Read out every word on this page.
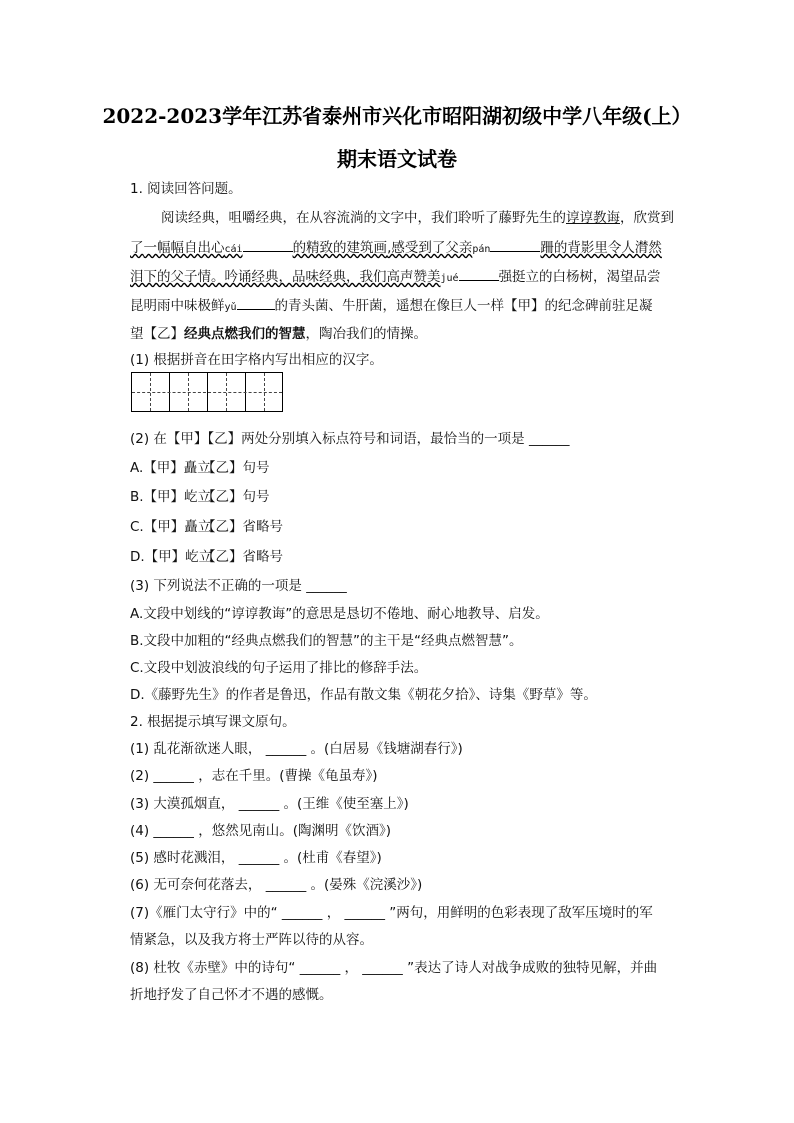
2022-2023学年江苏省泰州市兴化市昭阳湖初级中学八年级(上）
期末语文试卷
1. 阅读回答问题。
阅读经典，咀嚼经典，在从容流淌的文字中，我们聆听了藤野先生的谆谆教诲，欣赏到
了一幅幅自出心cái	的精致的建筑画,感受到了父亲pán	跚的背影里令人潸然
泪下的父子情。吟诵经典，品味经典，我们高声赞美jué	强挺立的白杨树，渴望品尝
昆明雨中味极鲜yǔ	的青头菌、牛肝菌，遥想在像巨人一样【甲】的纪念碑前驻足凝
望【乙】经典点燃我们的智慧，陶冶我们的情操。
(1) 根据拼音在田字格内写出相应的汉字。
(2) 在【甲】【乙】两处分别填入标点符号和词语，最恰当的一项是 ______
A.【甲】矗立【乙】句号
B.【甲】屹立【乙】句号
C.【甲】矗立【乙】省略号
D.【甲】屹立【乙】省略号
(3) 下列说法不正确的一项是 ______
A.文段中划线的“谆谆教诲”的意思是恳切不倦地、耐心地教导、启发。
B.文段中加粗的“经典点燃我们的智慧”的主干是“经典点燃智慧”。
C.文段中划波浪线的句子运用了排比的修辞手法。
D.《藤野先生》的作者是鲁迅，作品有散文集《朝花夕拾》、诗集《野草》等。
2. 根据提示填写课文原句。
(1) 乱花渐欲迷人眼， ______ 。(白居易《钱塘湖春行》)
(2) ______ ，志在千里。(曹操《龟虽寿》)
(3) 大漠孤烟直， ______ 。(王维《使至塞上》)
(4) ______ ，悠然见南山。(陶渊明《饮酒》)
(5) 感时花溅泪， ______ 。(杜甫《春望》)
(6) 无可奈何花落去， ______ 。(晏殊《浣溪沙》)
(7)《雁门太守行》中的“ ______ ， ______ ”两句，用鲜明的色彩表现了敌军压境时的军
情紧急，以及我方将士严阵以待的从容。
(8) 杜牧《赤壁》中的诗句“ ______ ， ______ ”表达了诗人对战争成败的独特见解，并曲
折地抒发了自己怀才不遇的感慨。
